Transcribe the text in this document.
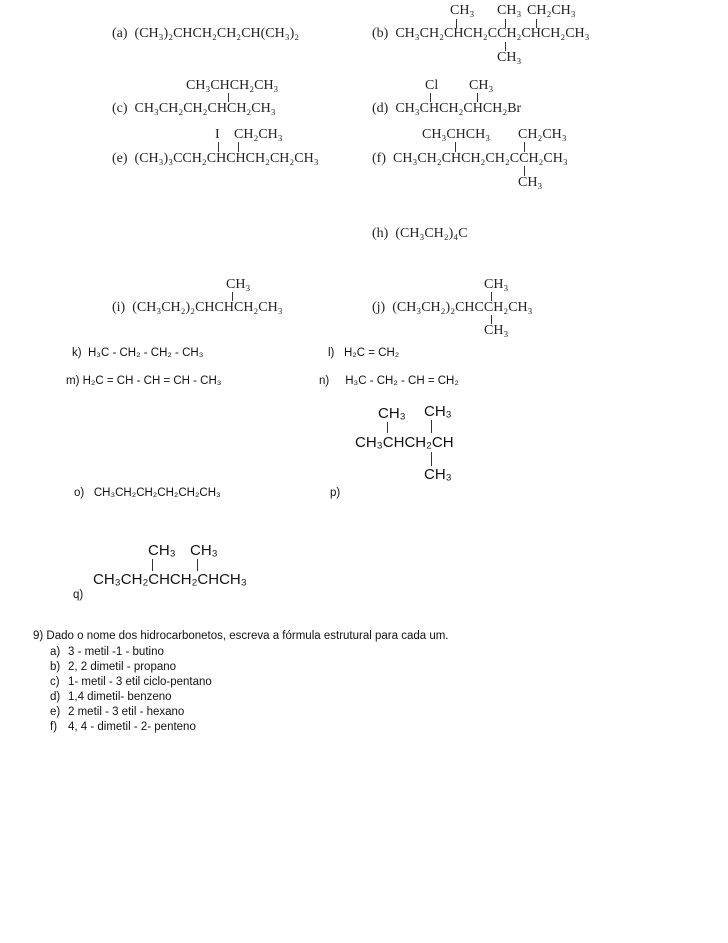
(a) (CH₃)₂CHCH₂CH₂CH(CH₃)₂
CH₃ CH₃ CH₂CH₃
(b) CH₃CH₂CHCH₂CCH₂CHCH₂CH₃
CH₃
CH₃CHCH₂CH₃
(c) CH₃CH₂CH₂CHCH₂CH₃
Cl CH₃
(d) CH₃CHCH₂CHCH₂Br
I CH₂CH₃
(e) (CH₃)₃CCH₂CHCHCH₂CH₂CH₃
CH₃CHCH₃ CH₂CH₃
(f) CH₃CH₂CHCH₂CH₂CCH₂CH₃
CH₃
(h) (CH₃CH₂)₄C
CH₃
(i) (CH₃CH₂)₂CHCHCH₂CH₃
CH₃
(j) (CH₃CH₂)₂CHCCH₂CH₃
CH₃
k) H₃C - CH₂ - CH₂ - CH₃	l) H₂C = CH₂
m) H₂C = CH - CH = CH - CH₃	n) H₃C - CH₂ - CH = CH₂
CH₃ CH₃
CH₃CHCH₂CH
CH₃
o) CH₃CH₂CH₂CH₂CH₂CH₃	p)
CH₃ CH₃
CH₃CH₂CHCH₂CHCH₃
q)
9) Dado o nome dos hidrocarbonetos, escreva a fórmula estrutural para cada um.
a) 3 - metil -1 - butino
b) 2, 2 dimetil - propano
c) 1- metil - 3 etil ciclo-pentano
d) 1,4 dimetil- benzeno
e) 2 metil - 3 etil - hexano
f) 4, 4 - dimetil - 2- penteno
